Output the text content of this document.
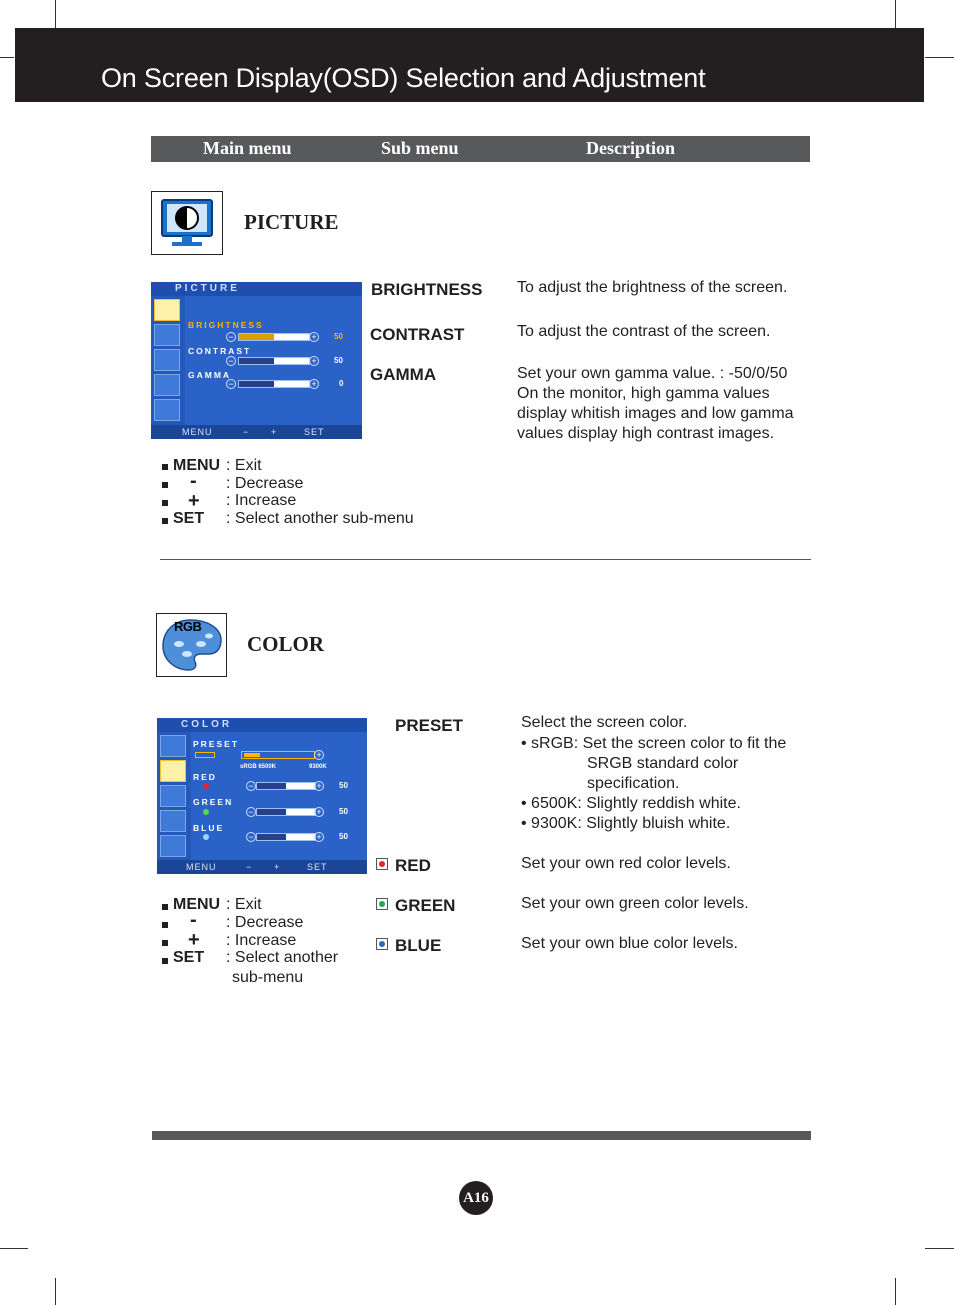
On Screen Display(OSD) Selection and Adjustment
Main menu	Sub menu	Description
PICTURE
PICTURE
BRIGHTNESS
−	+ 50
CONTRAST
−	+ 50
GAMMA
−	+	0
MENU	− +	SET
BRIGHTNESS To adjust the brightness of the screen.
CONTRAST	To adjust the contrast of the screen.
GAMMA	Set your own gamma value. : -50/0/50
On the monitor, high gamma values
display whitish images and low gamma
values display high contrast images.
MENU : Exit
- : Decrease
+ : Increase
SET : Select another sub-menu
RGB
COLOR
COLOR
PRESET
+
sRGB 6500K	9300K
RED
−	+ 50
GREEN
−	+ 50
BLUE
−	+ 50
MENU	− +	SET
PRESET	Select the screen color.
• sRGB: Set the screen color to fit the
SRGB standard color
specification.
• 6500K: Slightly reddish white.
• 9300K: Slightly bluish white.
RED	Set your own red color levels.
GREEN	Set your own green color levels.
BLUE	Set your own blue color levels.
MENU : Exit
- : Decrease
+ : Increase
SET : Select another
sub-menu
A16
